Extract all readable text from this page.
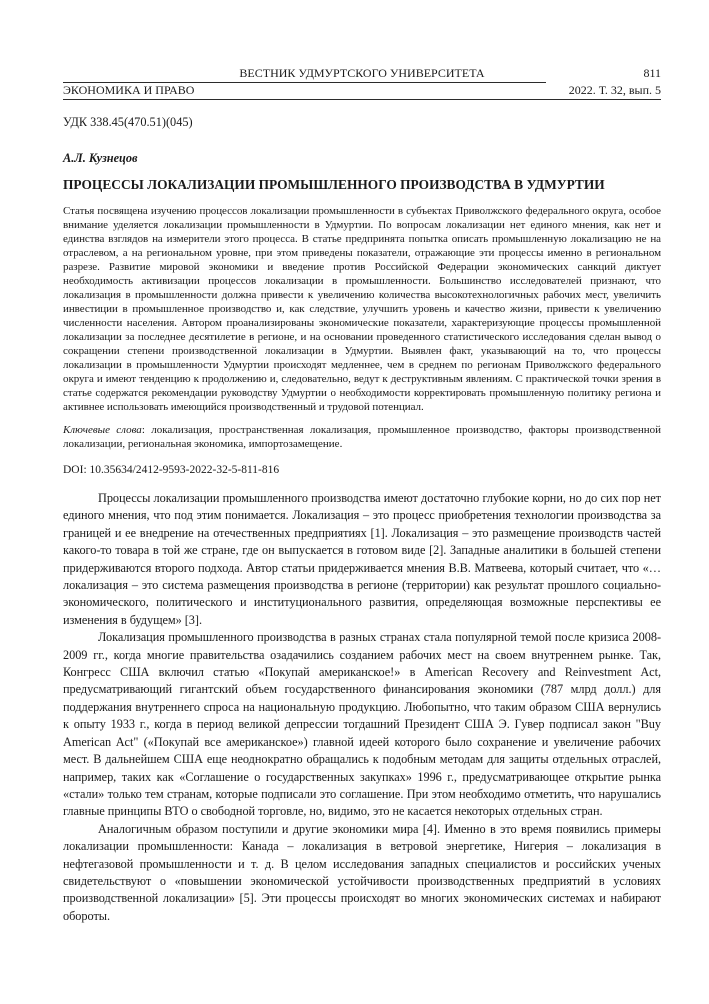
ВЕСТНИК УДМУРТСКОГО УНИВЕРСИТЕТА	811
ЭКОНОМИКА И ПРАВО	2022. Т. 32, вып. 5
УДК 338.45(470.51)(045)
А.Л. Кузнецов
ПРОЦЕССЫ ЛОКАЛИЗАЦИИ ПРОМЫШЛЕННОГО ПРОИЗВОДСТВА В УДМУРТИИ

Статья посвящена изучению процессов локализации промышленности в субъектах Приволжского федерального округа, особое внимание уделяется локализации промышленности в Удмуртии. По вопросам локализации нет единого мнения, как нет и единства взглядов на измерители этого процесса. В статье предпринята попытка описать промышленную локализацию не на отраслевом, а на региональном уровне, при этом приведены показатели, отражающие эти процессы именно в региональном разрезе. Развитие мировой экономики и введение против Российской Федерации экономических санкций диктует необходимость активизации процессов локализации в промышленности. Большинство исследователей признают, что локализация в промышленности должна привести к увеличению количества высокотехнологичных рабочих мест, увеличить инвестиции в промышленное производство и, как следствие, улучшить уровень и качество жизни, привести к увеличению численности населения. Автором проанализированы экономические показатели, характеризующие процессы промышленной локализации за последнее десятилетие в регионе, и на основании проведенного статистического исследования сделан вывод о сокращении степени производственной локализации в Удмуртии. Выявлен факт, указывающий на то, что процессы локализации в промышленности Удмуртии происходят медленнее, чем в среднем по регионам Приволжского федерального округа и имеют тенденцию к продолжению и, следовательно, ведут к деструктивным явлениям. С практической точки зрения в статье содержатся рекомендации руководству Удмуртии о необходимости корректировать промышленную политику региона и активнее использовать имеющийся производственный и трудовой потенциал.

Ключевые слова: локализация, пространственная локализация, промышленное производство, факторы производственной локализации, региональная экономика, импортозамещение.

DOI: 10.35634/2412-9593-2022-32-5-811-816

Процессы локализации промышленного производства имеют достаточно глубокие корни, но до сих пор нет единого мнения, что под этим понимается. Локализация – это процесс приобретения технологии производства за границей и ее внедрение на отечественных предприятиях [1]. Локализация – это размещение производств частей какого-то товара в той же стране, где он выпускается в готовом виде [2]. Западные аналитики в большей степени придерживаются второго подхода. Автор статьи придерживается мнения В.В. Матвеева, который считает, что «…локализация – это система размещения производства в регионе (территории) как результат прошлого социально-экономического, политического и институционального развития, определяющая возможные перспективы ее изменения в будущем» [3].

Локализация промышленного производства в разных странах стала популярной темой после кризиса 2008-2009 гг., когда многие правительства озадачились созданием рабочих мест на своем внутреннем рынке. Так, Конгресс США включил статью «Покупай американское!» в American Recovery and Reinvestment Act, предусматривающий гигантский объем государственного финансирования экономики (787 млрд долл.) для поддержания внутреннего спроса на национальную продукцию. Любопытно, что таким образом США вернулись к опыту 1933 г., когда в период великой депрессии тогдашний Президент США Э. Гувер подписал закон "Buy American Act" («Покупай все американское») главной идеей которого было сохранение и увеличение рабочих мест. В дальнейшем США еще неоднократно обращались к подобным методам для защиты отдельных отраслей, например, таких как «Соглашение о государственных закупках» 1996 г., предусматривающее открытие рынка «стали» только тем странам, которые подписали это соглашение. При этом необходимо отметить, что нарушались главные принципы ВТО о свободной торговле, но, видимо, это не касается некоторых отдельных стран.

Аналогичным образом поступили и другие экономики мира [4]. Именно в это время появились примеры локализации промышленности: Канада – локализация в ветровой энергетике, Нигерия – локализация в нефтегазовой промышленности и т. д. В целом исследования западных специалистов и российских ученых свидетельствуют о «повышении экономической устойчивости производственных предприятий в условиях производственной локализации» [5]. Эти процессы происходят во многих экономических системах и набирают обороты.
